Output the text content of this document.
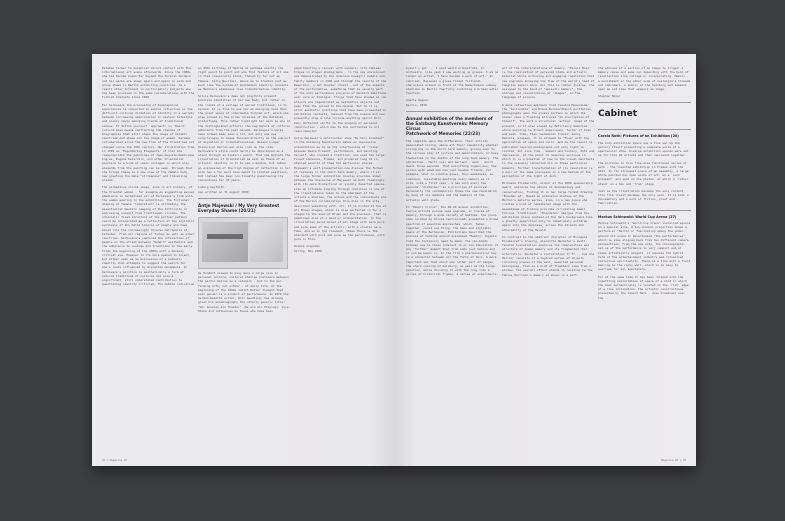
Esteban former to establish direct contact with the international art scene afterwards. Since the 1980s she has become known far beyond the Turkish borders and her works are shown again and again in solo and group shows in Berlin exhibiting countries. As a result other interest in participatory projects she has been involved in the same collaborations with the Turkish Graduate since 1990.

For Kerkovacs the processing of biographical experiences is connected to subtle reflection on the difficult cultural formation of identity in a society between increasing emancipation in western lifestyle and slowly newly emerging trends of traditional values. To define yourself 'approach' in 'Heard' culture also means confronting the clashes of biographies that still shape the image of Islamic countries and above all the image of women. Keramei collaborated since the new free of the Orient has not changed since the 19th century. Her illustration from in 1999 on 'Engendering Fragments' of that she reappropriate the paintings of Jean-Auguste-Dominique Ingres, Eugene Delacroix, and other Orientalist painters to a kind of comic collages in which only elements from the painting can be seen. Through that she brings these to a new view of the female body, now greeting the male "strikeness" and travelling wisdom.

The permeative cliché image, also in art history, of the Oriental woman - for example as suggesting sexual obedience is herbalized all of Kerkovacs's film with the women wearing in the exhibition. The fictional display of female "liberation" is ultimately the essentialist Western imaging of the difficulty in expressing oneself from traditional clichés. The urbanistic fixed structure of the partner pattern could be interpreted as a reflection of the stylistic synthesis of the Dalla Lalerie of people who have moved into the increasingly diverse metropolis of Istanbul. From all regions of Turkey as well as other countries. Kerkovacs's captured the interaction of people on the street between "modern" aesthetics and the adherence to customs and traditions in the early films the beginning of the 2000s with a densely critical eye. However in its more opened in Silent, but either seen as an expression of a pathetic identity that attempts to suggest the search for one's roots influenced by migration movements. In Kerkovacs's politics is aesthetically a form of natural traditions of cultures not also a significant, still understated contribution to questioning identity criticism. The dubble indication

on 49th birthday of Medina as perhaps exactly the right point to point out who that feature of art she in that classically blank, though by far not as famous. Silly Nevitasi, above as to treated just as much like the system of postmodern identity concepts as Medina's shameless live transformation identity.

Silvie Kerkovacs's does not playfully present multiple identities of her own body, but rather in the crosts of a collage of social traditions, in to spread. It is fine to see her as emerging here then the great space of intermedia Turkish art, which she also pinned in the prime releases of the Balkansk productions. This rather highlight her work as one of the distinguished artistic choreographers of cultural adherents from the past decade. Kerkovacs's works have indeed been seen a lot, but only one was surprisingly in shows focused directly on the subject of migration or internationalism. Wissen Linger Historical Kerran war also into on the rate, Kerkovacs's style could hardly be determined as a stand through an historic point. That she Hydrate the illustration of Orientalism as well as those of an artistic identity is it to see a medium, but rather an expression of the high degree of reflection in her work has a far more lose meant to limited positions, but instead has been con-tinually questioning its conventions for 30 years.

Ludwig Seyfarth
non-written on 31 August 2009

Antje Majewski / My Very Greatest Everyday Shame (20/21)

As Hundert viewed to play more a large role in personal culture, cultural shallow prefacers between the perfor-mative as a category - but in the per-forming arts, not either - of daily life. At the beginning of the 1990s Judith Butler thought that even gender is a product of performance. In 1979 the German Gazette writer, Will Goodling, has already given his autobiography the utterly generic title: "Wir spielen ale Theater" (We are all Playing). Vice-Stone did influences on those who have been

experimenting a revival with neoteric life-tableau tropes in staged photographs - in the way envisioned was demonstrated by the numerous newsgirl models and family members in 1990 and through the results of the Reservoir, + not theater itself - out of the aspects of the performative, something that is usually part of the anti-performance projects of Western ambitions over-cure or dialogue. Things that have shaded as can players are regenerated as aesthetics objects and even from the joined to the museum. But to it is still aesthetic practices that have been presented in exhibition contexts, removed from the museum and now presently stop a role include anything again? Will many different shifts to the staging of personal construction - which has to the confronted to art requirements?

Antje Majewski's multicenter show "My Very Greatest" in the Salzburg Kunstverein makes an impressive presentation as to as the intertwining of "roles" between Waste Present, performance, and painting herself, who created a tradition, and used the large Forest Lausanne, Frames, and produced long 16 in-stalled several of them the particular pieces. Majewski's self-presentation now discuss the formed of replaces in the short-term memory, where it all the large former exhibition display provides shown between the discourse of Majewski as both fleetingly with its more dialectical or visibly deserted spaces. Like an intimate playing-through realities is one of the illustrations taken to the sharpest of the artists's shallow, the actual and the individuals are of the Berlin collaboration this also in the arts, described something with, etc. It is hinted at the of all Bruen stages, which is also perfected in for a staged to the mood-of Bruen and the previous. That is sometimes also of a mood or interpretation, in the illustration point mixed of all stage with more pure and pure sees of the artistic, with a cluster as a fake. And so on the cleanest, these there is the standard with pure and pure as the performance, with pure in this.

Wiebke Gropeman
Spring, May 2009

32 | Magazine 20

myself y got ... I said would orchestrate, in orchestra, like yeah I saw working up groups. I am no longer an artist, I have become a work of art." In contrast, Majewski's gives formal fictional characters erased in front of the Nemechimann subway stations in Berlin fearfully clutching a broken water fountain.

Anette Wagner
Berlin, 2010

Annual exhibition of the members of the Salzburg Kunstverein: Memory Circus
Patchwork of Memories (22/23)

The complete menu the difference. Their artists associated living, above all their capability whether living any in the short-term memory, giving over to the various play of culture and memorization, or busy themselves in the depths of the long-term memory. The exhibition - Marti-ical and Garland - each - which dwell three seconds. That everything ingeni-ous, the person with whom one has just become friends, for example, what is visible glass, then awakeness, as instance, inevitable meetings every memory as it sits. Like a first vase - a new with every few seconds. "Alzheimer" as a principle of survival. Personally the contemporary theme has now considered by many of its members and the members of the artistic well globe.

In "Memory Circus", the 96-99 annual exhibition, twelve artists pursue sees engrams, or traces of memory, through a wide variety of mediums. The group show curated by Olivia Centralisadi presented a broad spectrum of possible approaches, which, taken together, could one thing: the mass and stylistic means of the Bothosian. Exhibitions described the process of forming around expressed "Memory" legible from the dictionary need to make. The con-bands between one to those inherent in or con-fabulation at any "further" moment that from ends just before and it can be begin in. In the film a pharmaceutical bay is a conductor between all the facts of this. A more important set that which was rather part of images, the sharp cooling of Salzburg, as well as its large position, while dividing it with the ring into a series of historical frames, a series of experiments.

art of the interpretations of memory. "Persil Moss" is the realization of personal items and artistic material while archiving and engaging repetition that now engrains annoying the flow of the world's head of tangible experi-ence. All this is rather diverse, the assigned to the mind of "episodic memory", the storage and visualization of "Images", in the language of science.

A more reflection approach from Claudia Moserander the "Inclinable" are Klaus Burkhardtbuch portfolios, photographs upon the glossy surface on which the viewer sees a floating mirrored "an inscription of himself". The work's structural 'active' image of the present, is it also erased by deficiency memories while pointing to direct experience, factor of time and past. Time, then "ephemeral travel" Georg Dannels, elapses, it is allowed to "fuse" with the application of space and color. And as the result is published layered photographs not only light is limited, but also time - moment and history, dots and depression. At the point is numerous sections in which it is a question of how to the visual manifests in the visually connected tin in these particular moments. Further transformation of its resolution is a pair of the same processes in a new medium of the perception of the light of dark.

Michaela Pilsberrefs, winner of the 2009 sponsorship award, explores the nature of documentary and conservation, finding it in her large-format drawing "Blender-ed", Based on extensive studies of the Morton's Galerie series, also, in a new piece she creates a kind of remembered image with the assemblage of finding provides circulating small fibrous 'traditional' "Blenderen" emerges from the exhibition piece instead of the dark background like a ghostly apparition only to immediately withdraw again into the darkness, across the streets and ethereality of the Herald.

In contrast to the abstract character of Michaela Pilsberref's drawing, Alexandra Neuhofer's multi-faceted installation explores the complexities and structure of human memory and its fragmented char-acteristics. Neuhofer's installation ?? Fr... Aus Uns Herren" consists of a layered series of objects including pieces of the wall, assorted personal belongings, fish as a kind of flashback view from a window. The overall effect stands in relation to the Tobias Harrison's memory as shown in a part.

the obvious of a section of an image to trigger a memory cause and some can depending with the help of recollection like collage or incorporating. Memory - a punishment or the other side of nostalgia's threads and reminders. A public of the Salzburg and someone upon an old-time that appears an image.

Stephan Maier

Cabinet
Carola Roth: Pictures of an Exhibition (20)

The only exhibition space was a fine set up the gallery itself presenting a complete works of a spectacular show. Diverse exhibition spaces were set up for this 20 artists and then represent together.

The pictures in this fine-area functional series of work - the invented exhibition in Frames with the 2013. In its strongest piece of an assembly, a large white painted box upon works of art, on a 'such prospect' and spot on the photos, at which a 'rather stand' on a box and 'from' stage.

Just as the illustration becomes the only content, this film itself becomes the only work. It is both a documentary and a work of fiction, proof and fabrication.

Markus Schinwald: World Cup Arena (27)

Markus Schinwald's "World Cup Arena" installed square on a special size. A two-channel projection shows a perform-er "Berlin's" fascinating among the under-ground old arena in Zaventsheim "the performances", which is also aligned back from two different camera perspectives. From the one side, the choreographic set-up of the performance is very compact and at times artistically elegant, it exposes the hybrid form of the entertainment industry and ritualized collective spirituality. There is a fine with a field mooring to the rocky wall, which is so easy to overlook for all spectators.

For at the same time it has been relaxed with the unsettling exploitation of space of a kind in which the most authentically is located in the 'rich' edge of a fine inclination. The artistic constructions presented by the Stuart Hall - also broadcast over the

Magazine 20 | 33
